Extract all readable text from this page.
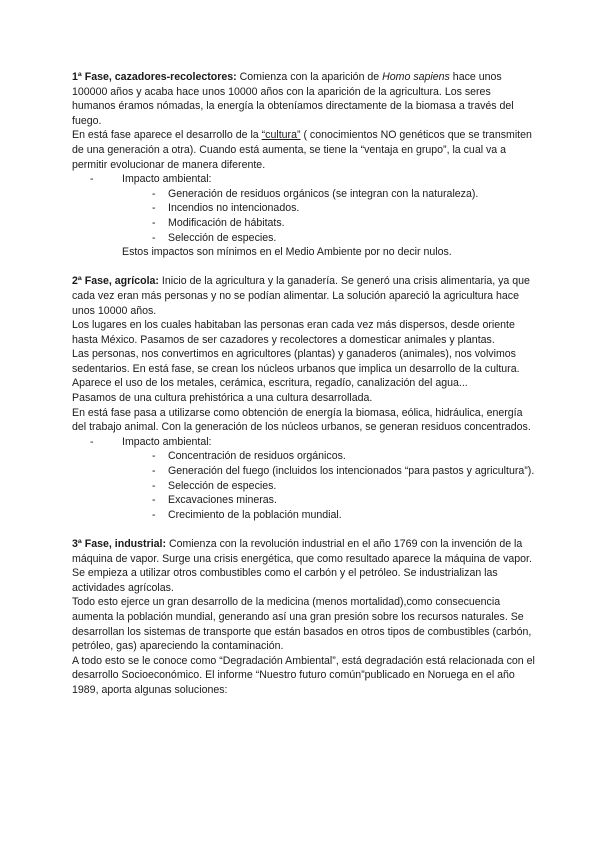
1ª Fase, cazadores-recolectores: Comienza con la aparición de Homo sapiens hace unos 100000 años y acaba hace unos 10000 años con la aparición de la agricultura. Los seres humanos éramos nómadas, la energía la obteníamos directamente de la biomasa a través del fuego.

En está fase aparece el desarrollo de la “cultura” ( conocimientos NO genéticos que se transmiten de una generación a otra). Cuando está aumenta, se tiene la “ventaja en grupo”, la cual va a permitir evolucionar de manera diferente.

- Impacto ambiental:
- Generación de residuos orgánicos (se integran con la naturaleza).
- Incendios no intencionados.
- Modificación de hábitats.
- Selección de especies.

Estos impactos son mínimos en el Medio Ambiente por no decir nulos.

2ª Fase, agrícola: Inicio de la agricultura y la ganadería. Se generó una crisis alimentaria, ya que cada vez eran más personas y no se podían alimentar. La solución apareció la agricultura hace unos 10000 años.

Los lugares en los cuales habitaban las personas eran cada vez más dispersos, desde oriente hasta México. Pasamos de ser cazadores y recolectores a domesticar animales y plantas.

Las personas, nos convertimos en agricultores (plantas) y ganaderos (animales), nos volvimos sedentarios. En está fase, se crean los núcleos urbanos que implica un desarrollo de la cultura.

Aparece el uso de los metales, cerámica, escritura, regadío, canalización del agua...

Pasamos de una cultura prehistórica a una cultura desarrollada.

En está fase pasa a utilizarse como obtención de energía la biomasa, eólica, hidráulica, energía del trabajo animal. Con la generación de los núcleos urbanos, se generan residuos concentrados.

- Impacto ambiental:
- Concentración de residuos orgánicos.
- Generación del fuego (incluidos los intencionados “para pastos y agricultura”).
- Selección de especies.
- Excavaciones mineras.
- Crecimiento de la población mundial.

3ª Fase, industrial: Comienza con la revolución industrial en el año 1769 con la invención de la máquina de vapor. Surge una crisis energética, que como resultado aparece la máquina de vapor. Se empieza a utilizar otros combustibles como el carbón y el petróleo. Se industrializan las actividades agrícolas.

Todo esto ejerce un gran desarrollo de la medicina (menos mortalidad),como consecuencia aumenta la población mundial, generando así una gran presión sobre los recursos naturales. Se desarrollan los sistemas de transporte que están basados en otros tipos de combustibles (carbón, petróleo, gas) apareciendo la contaminación.

A todo esto se le conoce como “Degradación Ambiental”, está degradación está relacionada con el desarrollo Socioeconómico. El informe “Nuestro futuro común”publicado en Noruega en el año 1989, aporta algunas soluciones:
